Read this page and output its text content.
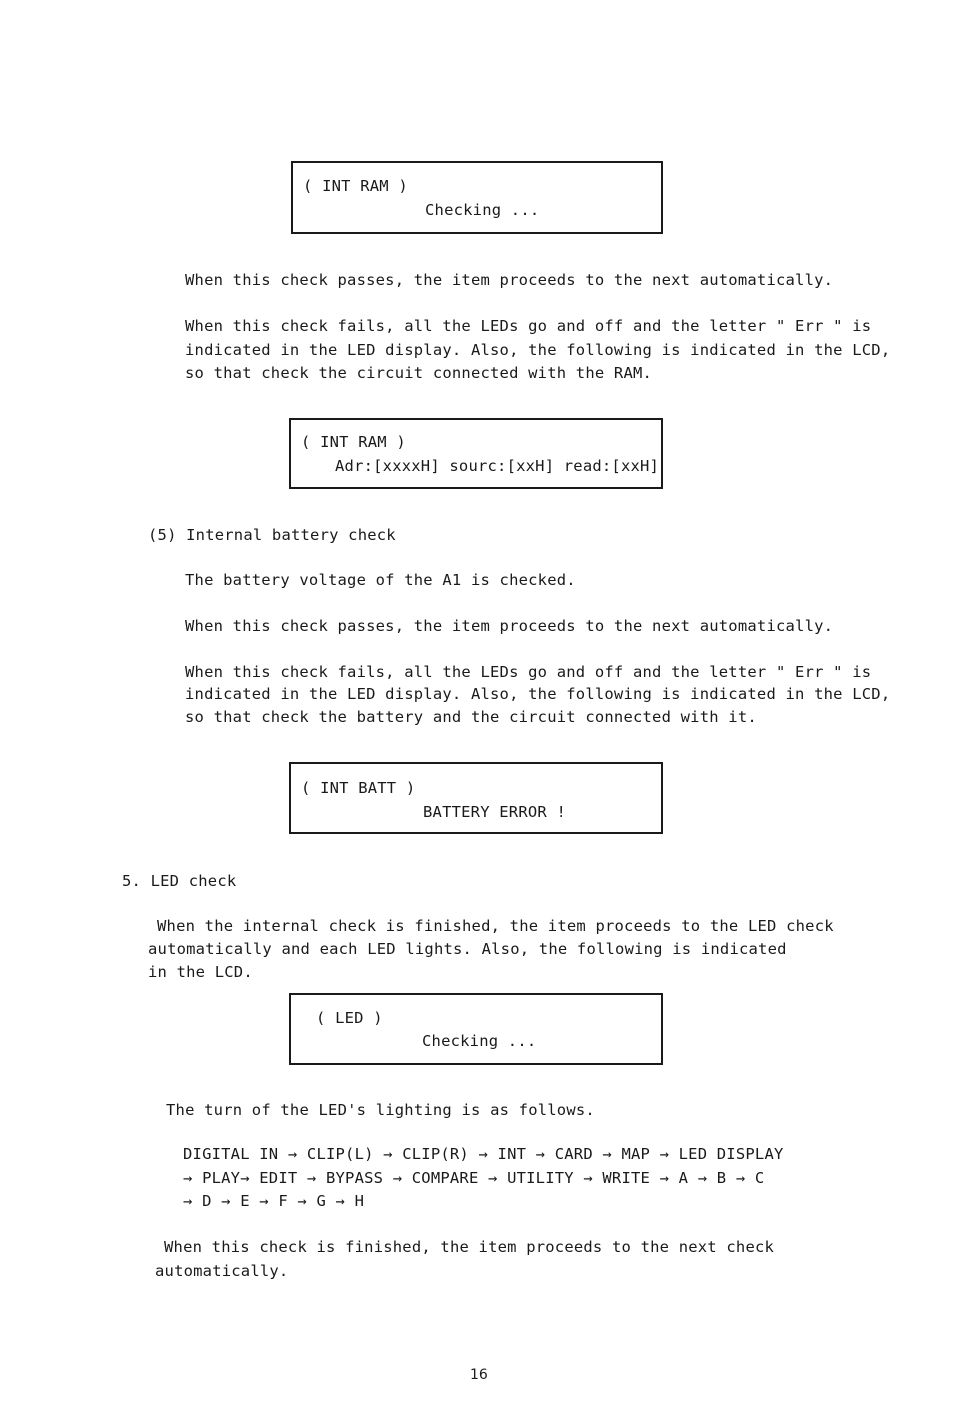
( INT RAM )
Checking ...
When this check passes, the item proceeds to the next automatically.
When this check fails, all the LEDs go and off and the letter " Err " is
indicated in the LED display. Also, the following is indicated in the LCD,
so that check the circuit connected with the RAM.
( INT RAM )
Adr:[xxxxH] sourc:[xxH] read:[xxH]
(5) Internal battery check
The battery voltage of the A1 is checked.
When this check passes, the item proceeds to the next automatically.
When this check fails, all the LEDs go and off and the letter " Err " is
indicated in the LED display. Also, the following is indicated in the LCD,
so that check the battery and the circuit connected with it.
( INT BATT )
BATTERY ERROR !
5. LED check
When the internal check is finished, the item proceeds to the LED check
automatically and each LED lights. Also, the following is indicated
in the LCD.
( LED )
Checking ...
The turn of the LED's lighting is as follows.
DIGITAL IN → CLIP(L) → CLIP(R) → INT → CARD → MAP → LED DISPLAY
→ PLAY→ EDIT → BYPASS → COMPARE → UTILITY → WRITE → A → B → C
→ D → E → F → G → H
When this check is finished, the item proceeds to the next check
automatically.
16
